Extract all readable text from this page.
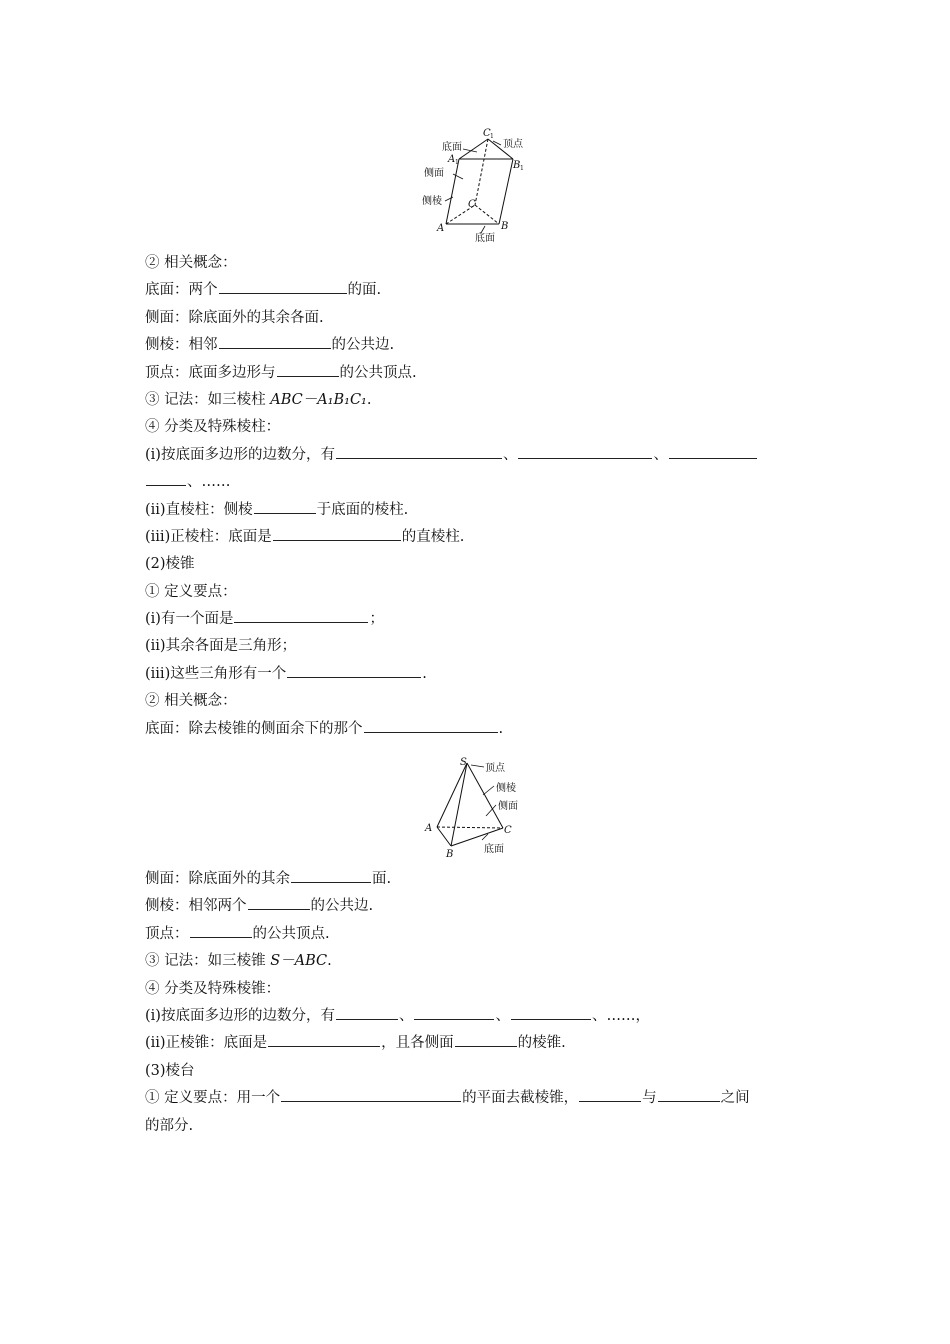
底面	顶点
侧面
侧棱
底面
C 1
A 1	B 1
C
A	B
② 相关概念：
底面：两个	的面.
侧面：除底面外的其余各面.
侧棱：相邻	的公共边.
顶点：底面多边形与	的公共顶点.
③ 记法：如三棱柱 ABC－A₁B₁C₁.
④ 分类及特殊棱柱：
(ⅰ)按底面多边形的边数分，有	、	、
、……
(ⅱ)直棱柱：侧棱	于底面的棱柱.
(ⅲ)正棱柱：底面是	的直棱柱.
(2)棱锥
① 定义要点：
(ⅰ)有一个面是	；
(ⅱ)其余各面是三角形；
(ⅲ)这些三角形有一个	.
② 相关概念：
底面：除去棱锥的侧面余下的那个	.
S
A
B
C
顶点
侧棱
侧面
底面
侧面：除底面外的其余	面.
侧棱：相邻两个	的公共边.
顶点：	的公共顶点.
③ 记法：如三棱锥 S－ABC.
④ 分类及特殊棱锥：
(ⅰ)按底面多边形的边数分，有	、	、	、……，
(ⅱ)正棱锥：底面是	，且各侧面	的棱锥.
(3)棱台
① 定义要点：用一个	的平面去截棱锥，	与	之间
的部分.
